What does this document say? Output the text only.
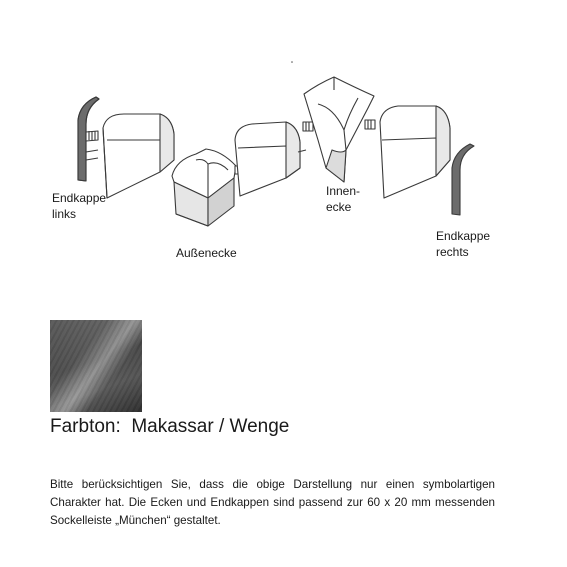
Endkappe
links
Außenecke
Innen-
ecke
Endkappe
rechts
Farbton: Makassar / Wenge
Bitte berücksichtigen Sie, dass die obige Darstellung nur einen symbolartigen Charakter hat. Die Ecken und Endkappen sind passend zur 60 x 20 mm messenden Sockelleiste „München“ gestaltet.
